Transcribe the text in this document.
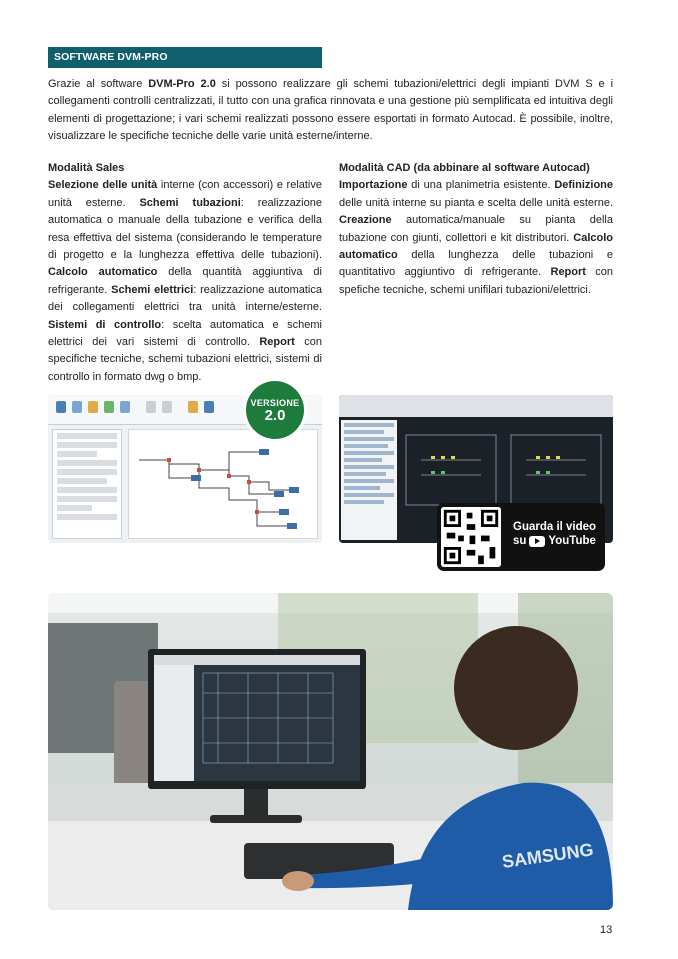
SOFTWARE DVM-PRO

Grazie al software DVM-Pro 2.0 si possono realizzare gli schemi tubazioni/elettrici degli impianti DVM S e i collegamenti controlli centralizzati, il tutto con una grafica rinnovata e una gestione più semplificata ed intuitiva degli elementi di progettazione; i vari schemi realizzati possono essere esportati in formato Autocad. È possibile, inoltre, visualizzare le specifiche tecniche delle varie unità esterne/interne.

Modalità Sales

Selezione delle unità interne (con accessori) e relative unità esterne. Schemi tubazioni: realizzazione automatica o manuale della tubazione e verifica della resa effettiva del sistema (considerando le temperature di progetto e la lunghezza effettiva delle tubazioni). Calcolo automatico della quantità aggiuntiva di refrigerante. Schemi elettrici: realizzazione automatica dei collegamenti elettrici tra unità interne/esterne. Sistemi di controllo: scelta automatica e schemi elettrici dei vari sistemi di controllo. Report con specifiche tecniche, schemi tubazioni elettrici, sistemi di controllo in formato dwg o bmp.

Modalità CAD (da abbinare al software Autocad)

Importazione di una planimetria esistente. Definizione delle unità interne su pianta e scelta delle unità esterne. Creazione automatica/manuale su pianta della tubazione con giunti, collettori e kit distributori. Calcolo automatico della lunghezza delle tubazioni e quantitativo aggiuntivo di refrigerante. Report con spefiche tecniche, schemi unifilari tubazioni/elettrici.

VERSIONE
2.0
Guarda il video
su YouTube
SAMSUNG
13
